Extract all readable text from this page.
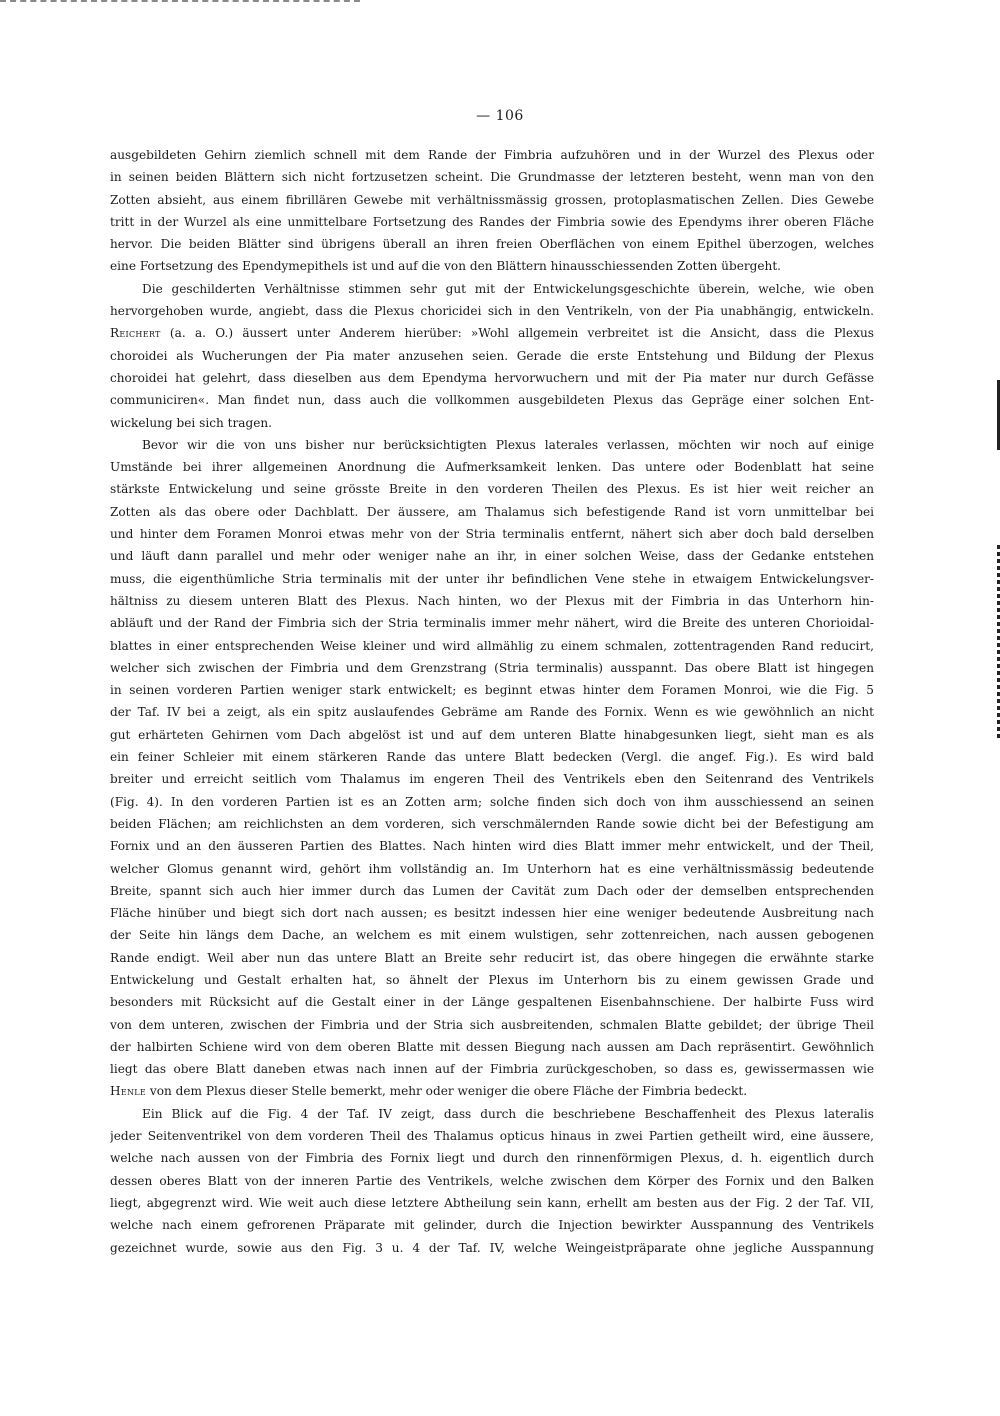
— 106
ausgebildeten Gehirn ziemlich schnell mit dem Rande der Fimbria aufzuhören und in der Wurzel des Plexus oder
in seinen beiden Blättern sich nicht fortzusetzen scheint. Die Grundmasse der letzteren besteht, wenn man von den
Zotten absieht, aus einem fibrillären Gewebe mit verhältnissmässig grossen, protoplasmatischen Zellen. Dies Gewebe
tritt in der Wurzel als eine unmittelbare Fortsetzung des Randes der Fimbria sowie des Ependyms ihrer oberen Fläche
hervor. Die beiden Blätter sind übrigens überall an ihren freien Oberflächen von einem Epithel überzogen, welches
eine Fortsetzung des Ependymepithels ist und auf die von den Blättern hinausschiessenden Zotten übergeht.
Die geschilderten Verhältnisse stimmen sehr gut mit der Entwickelungsgeschichte überein, welche, wie oben
hervorgehoben wurde, angiebt, dass die Plexus choricidei sich in den Ventrikeln, von der Pia unabhängig, entwickeln.
Reichert (a. a. O.) äussert unter Anderem hierüber: »Wohl allgemein verbreitet ist die Ansicht, dass die Plexus
choroidei als Wucherungen der Pia mater anzusehen seien. Gerade die erste Entstehung und Bildung der Plexus
choroidei hat gelehrt, dass dieselben aus dem Ependyma hervorwuchern und mit der Pia mater nur durch Gefässe
communiciren«. Man findet nun, dass auch die vollkommen ausgebildeten Plexus das Gepräge einer solchen Ent-
wickelung bei sich tragen.
Bevor wir die von uns bisher nur berücksichtigten Plexus laterales verlassen, möchten wir noch auf einige
Umstände bei ihrer allgemeinen Anordnung die Aufmerksamkeit lenken. Das untere oder Bodenblatt hat seine
stärkste Entwickelung und seine grösste Breite in den vorderen Theilen des Plexus. Es ist hier weit reicher an
Zotten als das obere oder Dachblatt. Der äussere, am Thalamus sich befestigende Rand ist vorn unmittelbar bei
und hinter dem Foramen Monroi etwas mehr von der Stria terminalis entfernt, nähert sich aber doch bald derselben
und läuft dann parallel und mehr oder weniger nahe an ihr, in einer solchen Weise, dass der Gedanke entstehen
muss, die eigenthümliche Stria terminalis mit der unter ihr befindlichen Vene stehe in etwaigem Entwickelungsver-
hältniss zu diesem unteren Blatt des Plexus. Nach hinten, wo der Plexus mit der Fimbria in das Unterhorn hin-
abläuft und der Rand der Fimbria sich der Stria terminalis immer mehr nähert, wird die Breite des unteren Chorioidal-
blattes in einer entsprechenden Weise kleiner und wird allmählig zu einem schmalen, zottentragenden Rand reducirt,
welcher sich zwischen der Fimbria und dem Grenzstrang (Stria terminalis) ausspannt. Das obere Blatt ist hingegen
in seinen vorderen Partien weniger stark entwickelt; es beginnt etwas hinter dem Foramen Monroi, wie die Fig. 5
der Taf. IV bei a zeigt, als ein spitz auslaufendes Gebräme am Rande des Fornix. Wenn es wie gewöhnlich an nicht
gut erhärteten Gehirnen vom Dach abgelöst ist und auf dem unteren Blatte hinabgesunken liegt, sieht man es als
ein feiner Schleier mit einem stärkeren Rande das untere Blatt bedecken (Vergl. die angef. Fig.). Es wird bald
breiter und erreicht seitlich vom Thalamus im engeren Theil des Ventrikels eben den Seitenrand des Ventrikels
(Fig. 4). In den vorderen Partien ist es an Zotten arm; solche finden sich doch von ihm ausschiessend an seinen
beiden Flächen; am reichlichsten an dem vorderen, sich verschmälernden Rande sowie dicht bei der Befestigung am
Fornix und an den äusseren Partien des Blattes. Nach hinten wird dies Blatt immer mehr entwickelt, und der Theil,
welcher Glomus genannt wird, gehört ihm vollständig an. Im Unterhorn hat es eine verhältnissmässig bedeutende
Breite, spannt sich auch hier immer durch das Lumen der Cavität zum Dach oder der demselben entsprechenden
Fläche hinüber und biegt sich dort nach aussen; es besitzt indessen hier eine weniger bedeutende Ausbreitung nach
der Seite hin längs dem Dache, an welchem es mit einem wulstigen, sehr zottenreichen, nach aussen gebogenen
Rande endigt. Weil aber nun das untere Blatt an Breite sehr reducirt ist, das obere hingegen die erwähnte starke
Entwickelung und Gestalt erhalten hat, so ähnelt der Plexus im Unterhorn bis zu einem gewissen Grade und
besonders mit Rücksicht auf die Gestalt einer in der Länge gespaltenen Eisenbahnschiene. Der halbirte Fuss wird
von dem unteren, zwischen der Fimbria und der Stria sich ausbreitenden, schmalen Blatte gebildet; der übrige Theil
der halbirten Schiene wird von dem oberen Blatte mit dessen Biegung nach aussen am Dach repräsentirt. Gewöhnlich
liegt das obere Blatt daneben etwas nach innen auf der Fimbria zurückgeschoben, so dass es, gewissermassen wie
Henle von dem Plexus dieser Stelle bemerkt, mehr oder weniger die obere Fläche der Fimbria bedeckt.
Ein Blick auf die Fig. 4 der Taf. IV zeigt, dass durch die beschriebene Beschaffenheit des Plexus lateralis
jeder Seitenventrikel von dem vorderen Theil des Thalamus opticus hinaus in zwei Partien getheilt wird, eine äussere,
welche nach aussen von der Fimbria des Fornix liegt und durch den rinnenförmigen Plexus, d. h. eigentlich durch
dessen oberes Blatt von der inneren Partie des Ventrikels, welche zwischen dem Körper des Fornix und den Balken
liegt, abgegrenzt wird. Wie weit auch diese letztere Abtheilung sein kann, erhellt am besten aus der Fig. 2 der Taf. VII,
welche nach einem gefrorenen Präparate mit gelinder, durch die Injection bewirkter Ausspannung des Ventrikels
gezeichnet wurde, sowie aus den Fig. 3 u. 4 der Taf. IV, welche Weingeistpräparate ohne jegliche Ausspannung
